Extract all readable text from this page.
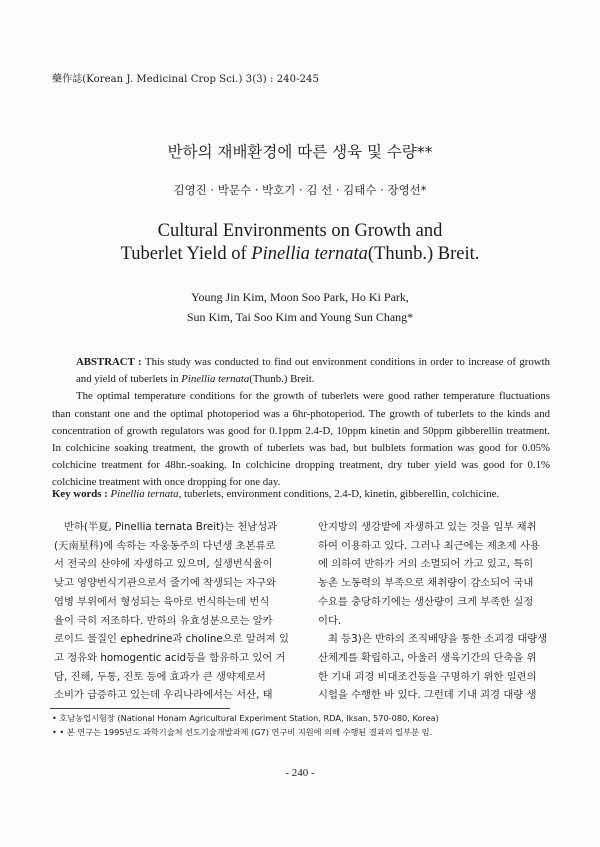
藥作誌(Korean J. Medicinal Crop Sci.) 3(3) : 240-245
반하의 재배환경에 따른 생육 및 수량**
김영진 · 박문수 · 박호기 · 김 선 · 김태수 · 장영선*
Cultural Environments on Growth and
Tuberlet Yield of Pinellia ternata(Thunb.) Breit.
Young Jin Kim, Moon Soo Park, Ho Ki Park,
Sun Kim, Tai Soo Kim and Young Sun Chang*

ABSTRACT : This study was conducted to find out environment conditions in order to increase of growth and yield of tuberlets in Pinellia ternata(Thunb.) Breit.

The optimal temperature conditions for the growth of tuberlets were good rather temperature fluctuations than constant one and the optimal photoperiod was a 6hr-photoperiod. The growth of tuberlets to the kinds and concentration of growth regulators was good for 0.1ppm 2.4-D, 10ppm kinetin and 50ppm gibberellin treatment. In colchicine soaking treatment, the growth of tuberlets was bad, but bulblets formation was good for 0.05% colchicine treatment for 48hr.-soaking. In colchicine dropping treatment, dry tuber yield was good for 0.1% colchicine treatment with once dropping for one day.

Key words : Pinellia ternata, tuberlets, environment conditions, 2.4-D, kinetin, gibberellin, colchicine.
반하(半夏, Pinellia ternata Breit)는 천남성과
(天南星科)에 속하는 자웅동주의 다년생 초본류로
서 전국의 산야에 자생하고 있으며, 실생번식율이
낮고 영양번식기관으로서 줄기에 착생되는 자구와
엽병 부위에서 형성되는 육아로 번식하는데 번식
율이 극히 저조하다. 반하의 유효성분으로는 알카
로이드 물질인 ephedrine과 choline으로 알려져 있
고 정유와 homogentic acid등을 함유하고 있어 거
담, 진해, 두통, 진토 등에 효과가 큰 생약제로서
소비가 급증하고 있는데 우리나라에서는 서산, 태
안지방의 생강밭에 자생하고 있는 것을 일부 채취
하여 이용하고 있다. 그러나 최근에는 제초제 사용
에 의하여 반하가 거의 소멸되어 가고 있고, 특히
농촌 노동력의 부족으로 채취량이 감소되어 국내
수요를 충당하기에는 생산량이 크게 부족한 실정
이다.
최 등3)은 반하의 조직배양을 통한 소괴경 대량생
산체계를 확립하고, 아울러 생육기간의 단축을 위
한 기내 괴경 비대조건등을 구명하기 위한 일련의
시험을 수행한 바 있다. 그런데 기내 괴경 대량 생
• 호남농업시험장 (National Honam Agricultural Experiment Station, RDA, Iksan, 570-080, Korea)
• • 본 연구는 1995년도 과학기술처 선도기술개발과제 (G7) 연구비 지원에 의해 수행된 결과의 일부분 임.
- 240 -
